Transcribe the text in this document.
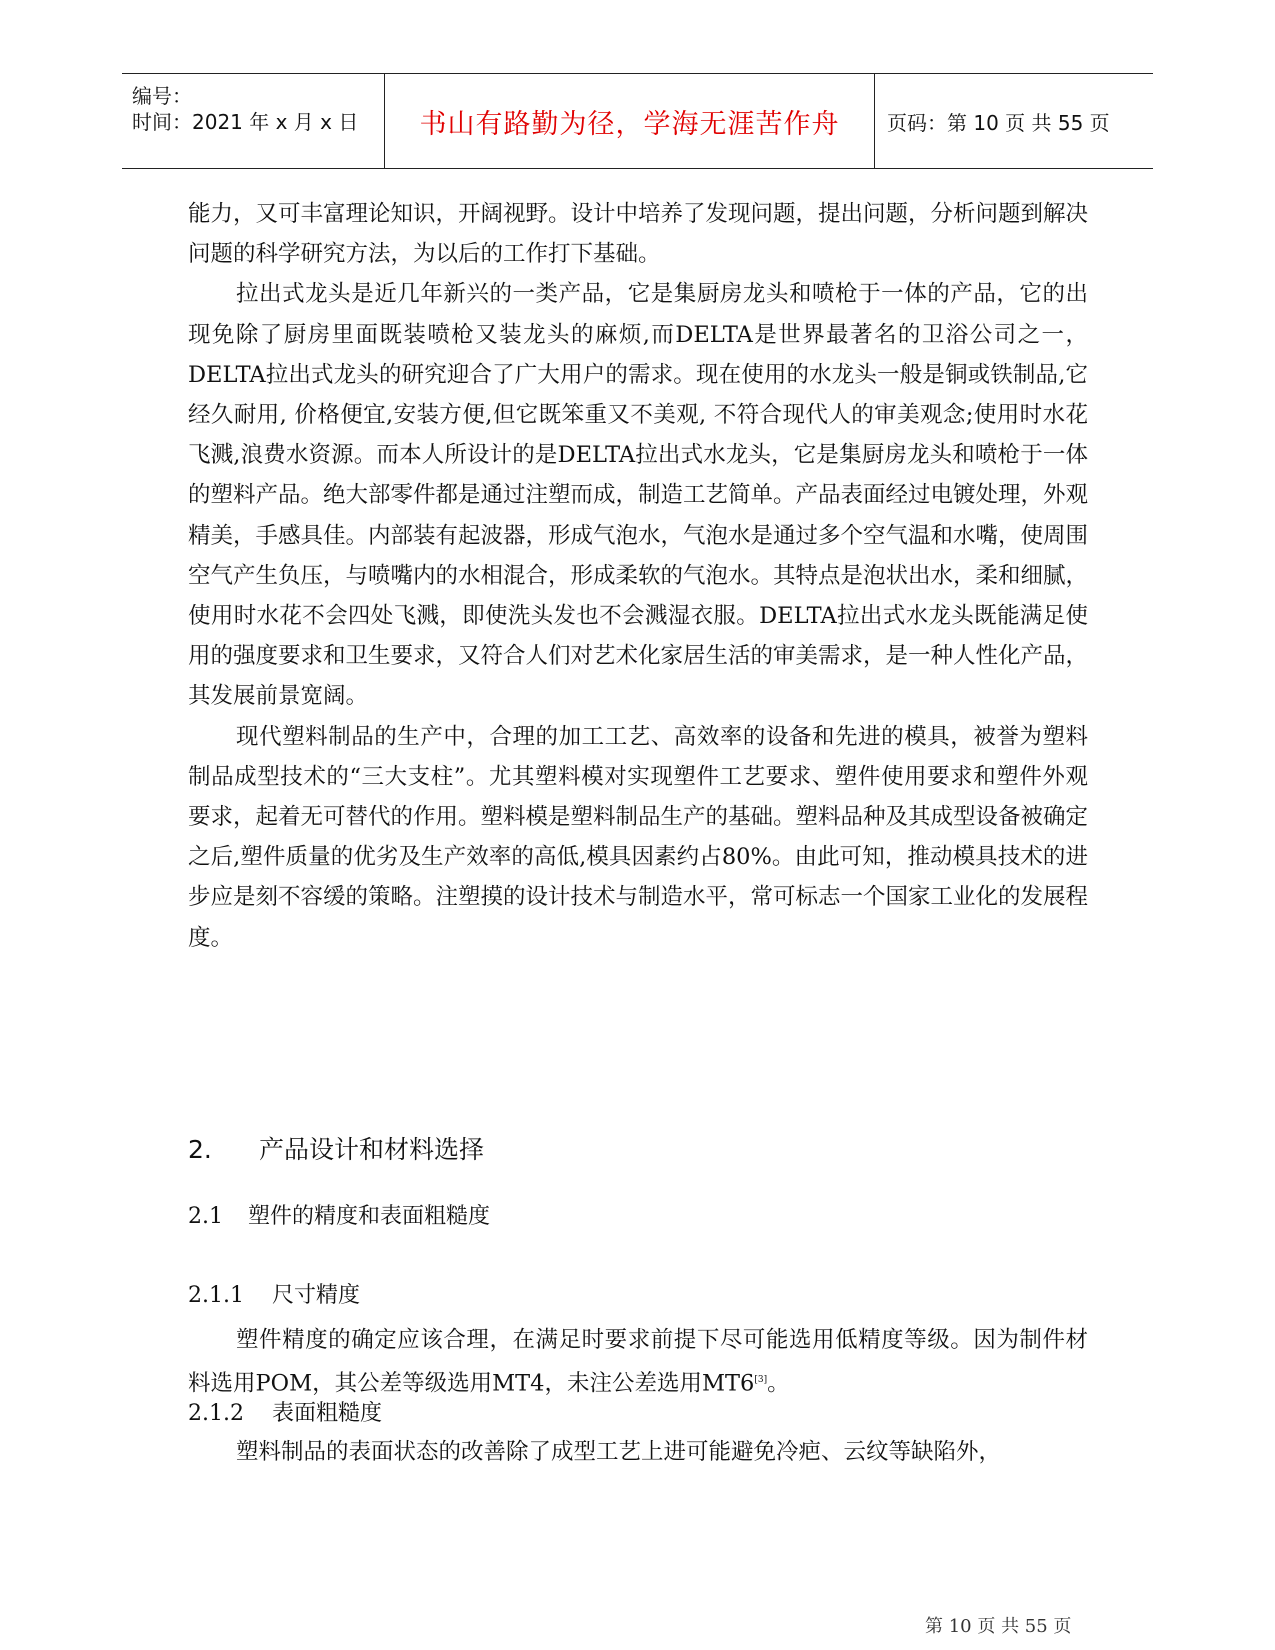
编号：
时间：2021 年 x 月 x 日 书山有路勤为径，学海无涯苦作舟 页码：第 10 页 共 55 页

能力，又可丰富理论知识，开阔视野。设计中培养了发现问题，提出问题，分析问题到解决问题的科学研究方法，为以后的工作打下基础。

拉出式龙头是近几年新兴的一类产品，它是集厨房龙头和喷枪于一体的产品，它的出现免除了厨房里面既装喷枪又装龙头的麻烦,而DELTA是世界最著名的卫浴公司之一，DELTA拉出式龙头的研究迎合了广大用户的需求。现在使用的水龙头一般是铜或铁制品,它经久耐用, 价格便宜,安装方便,但它既笨重又不美观, 不符合现代人的审美观念;使用时水花飞溅,浪费水资源。而本人所设计的是DELTA拉出式水龙头，它是集厨房龙头和喷枪于一体的塑料产品。绝大部零件都是通过注塑而成，制造工艺简单。产品表面经过电镀处理，外观精美，手感具佳。内部装有起波器，形成气泡水，气泡水是通过多个空气温和水嘴，使周围空气产生负压，与喷嘴内的水相混合，形成柔软的气泡水。其特点是泡状出水，柔和细腻，使用时水花不会四处飞溅，即使洗头发也不会溅湿衣服。DELTA拉出式水龙头既能满足使用的强度要求和卫生要求，又符合人们对艺术化家居生活的审美需求，是一种人性化产品，其发展前景宽阔。

现代塑料制品的生产中，合理的加工工艺、高效率的设备和先进的模具，被誉为塑料制品成型技术的“三大支柱”。尤其塑料模对实现塑件工艺要求、塑件使用要求和塑件外观要求，起着无可替代的作用。塑料模是塑料制品生产的基础。塑料品种及其成型设备被确定之后,塑件质量的优劣及生产效率的高低,模具因素约占80%。由此可知，推动模具技术的进步应是刻不容缓的策略。注塑摸的设计技术与制造水平，常可标志一个国家工业化的发展程度。

2. 产品设计和材料选择
2.1 塑件的精度和表面粗糙度
2.1.1 尺寸精度

塑件精度的确定应该合理，在满足时要求前提下尽可能选用低精度等级。因为制件材料选用POM，其公差等级选用MT4，未注公差选用MT6[3]。

2.1.2 表面粗糙度

塑料制品的表面状态的改善除了成型工艺上进可能避免冷疤、云纹等缺陷外，

第 10 页 共 55 页
